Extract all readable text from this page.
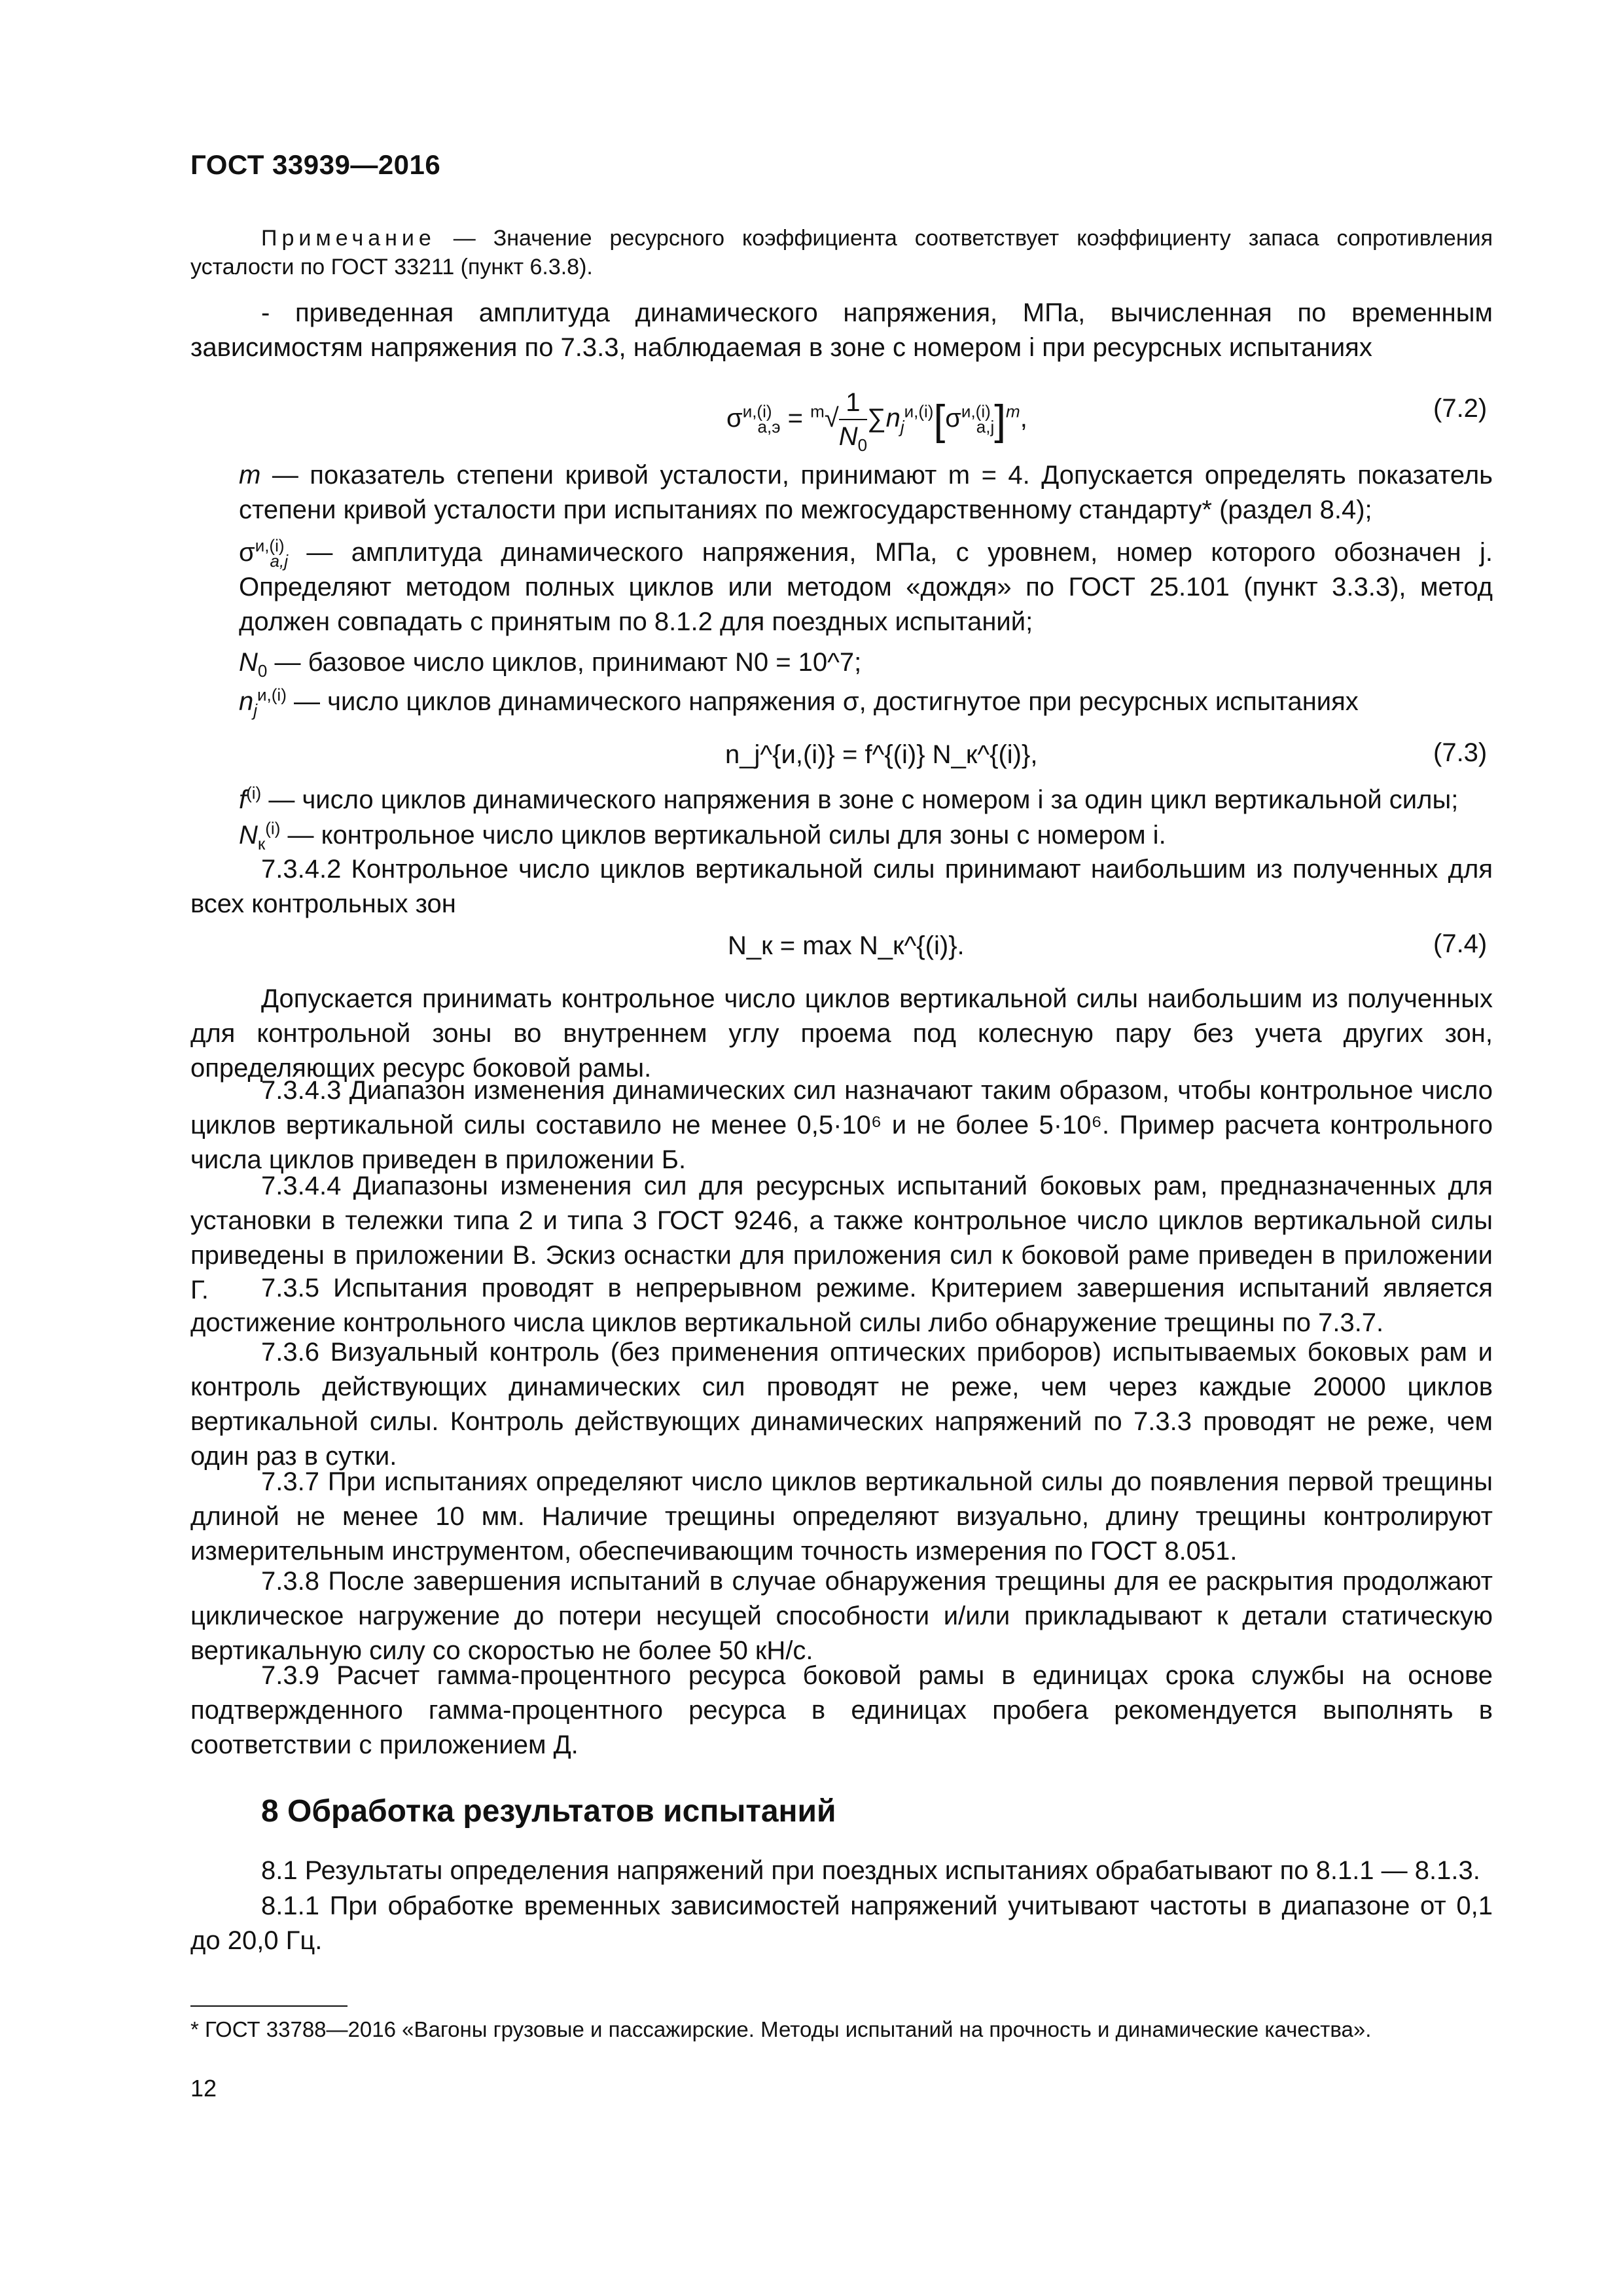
ГОСТ 33939—2016
Примечание — Значение ресурсного коэффициента соответствует коэффициенту запаса сопротивления усталости по ГОСТ 33211 (пункт 6.3.8).
- приведенная амплитуда динамического напряжения, МПа, вычисленная по временным зависимостям напряжения по 7.3.3, наблюдаемая в зоне с номером i при ресурсных испытаниях
$\sigma^{и,(i)}_{а,э} = ^m√ \frac{1}{N_0} \sum n_j^{и,(i)}[\sigma^{и,(i)}_{a,j}]^m$,	(7.2)
m — показатель степени кривой усталости, принимают m = 4. Допускается определять показатель степени кривой усталости при испытаниях по межгосударственному стандарту* (раздел 8.4);
$\sigma^{и,(i)}_{a,j}$ — амплитуда динамического напряжения, МПа, с уровнем, номер которого обозначен j. Определяют методом полных циклов или методом «дождя» по ГОСТ 25.101 (пункт 3.3.3), метод должен совпадать с принятым по 8.1.2 для поездных испытаний;
$N_0$ — базовое число циклов, принимают N0 = 10^7;
$n_j^{и,(i)}$ — число циклов динамического напряжения σ, достигнутое при ресурсных испытаниях
n_j^{и,(i)} = f^{(i)} N_к^{(i)},	(7.3)
$f^{(i)}$ — число циклов динамического напряжения в зоне с номером i за один цикл вертикальной силы;
$N_к^{(i)}$ — контрольное число циклов вертикальной силы для зоны с номером i.
7.3.4.2 Контрольное число циклов вертикальной силы принимают наибольшим из полученных для всех контрольных зон
N_к = max N_к^{(i)}.	(7.4)
Допускается принимать контрольное число циклов вертикальной силы наибольшим из полученных для контрольной зоны во внутреннем углу проема под колесную пару без учета других зон, определяющих ресурс боковой рамы.
7.3.4.3 Диапазон изменения динамических сил назначают таким образом, чтобы контрольное число циклов вертикальной силы составило не менее 0,5·10⁶ и не более 5·10⁶. Пример расчета контрольного числа циклов приведен в приложении Б.
7.3.4.4 Диапазоны изменения сил для ресурсных испытаний боковых рам, предназначенных для установки в тележки типа 2 и типа 3 ГОСТ 9246, а также контрольное число циклов вертикальной силы приведены в приложении В. Эскиз оснастки для приложения сил к боковой раме приведен в приложении Г.	7.3.5 Испытания проводят в непрерывном режиме. Критерием завершения испытаний является достижение контрольного числа циклов вертикальной силы либо обнаружение трещины по 7.3.7.
7.3.6 Визуальный контроль (без применения оптических приборов) испытываемых боковых рам и контроль действующих динамических сил проводят не реже, чем через каждые 20000 циклов вертикальной силы. Контроль действующих динамических напряжений по 7.3.3 проводят не реже, чем один раз в сутки.
7.3.7 При испытаниях определяют число циклов вертикальной силы до появления первой трещины длиной не менее 10 мм. Наличие трещины определяют визуально, длину трещины контролируют измерительным инструментом, обеспечивающим точность измерения по ГОСТ 8.051.
7.3.8 После завершения испытаний в случае обнаружения трещины для ее раскрытия продолжают циклическое нагружение до потери несущей способности и/или прикладывают к детали статическую вертикальную силу со скоростью не более 50 кН/с.
7.3.9 Расчет гамма-процентного ресурса боковой рамы в единицах срока службы на основе подтвержденного гамма-процентного ресурса в единицах пробега рекомендуется выполнять в соответствии с приложением Д.
8 Обработка результатов испытаний
8.1 Результаты определения напряжений при поездных испытаниях обрабатывают по 8.1.1 — 8.1.3.
8.1.1 При обработке временных зависимостей напряжений учитывают частоты в диапазоне от 0,1 до 20,0 Гц.
* ГОСТ 33788—2016 «Вагоны грузовые и пассажирские. Методы испытаний на прочность и динамические качества».
12
